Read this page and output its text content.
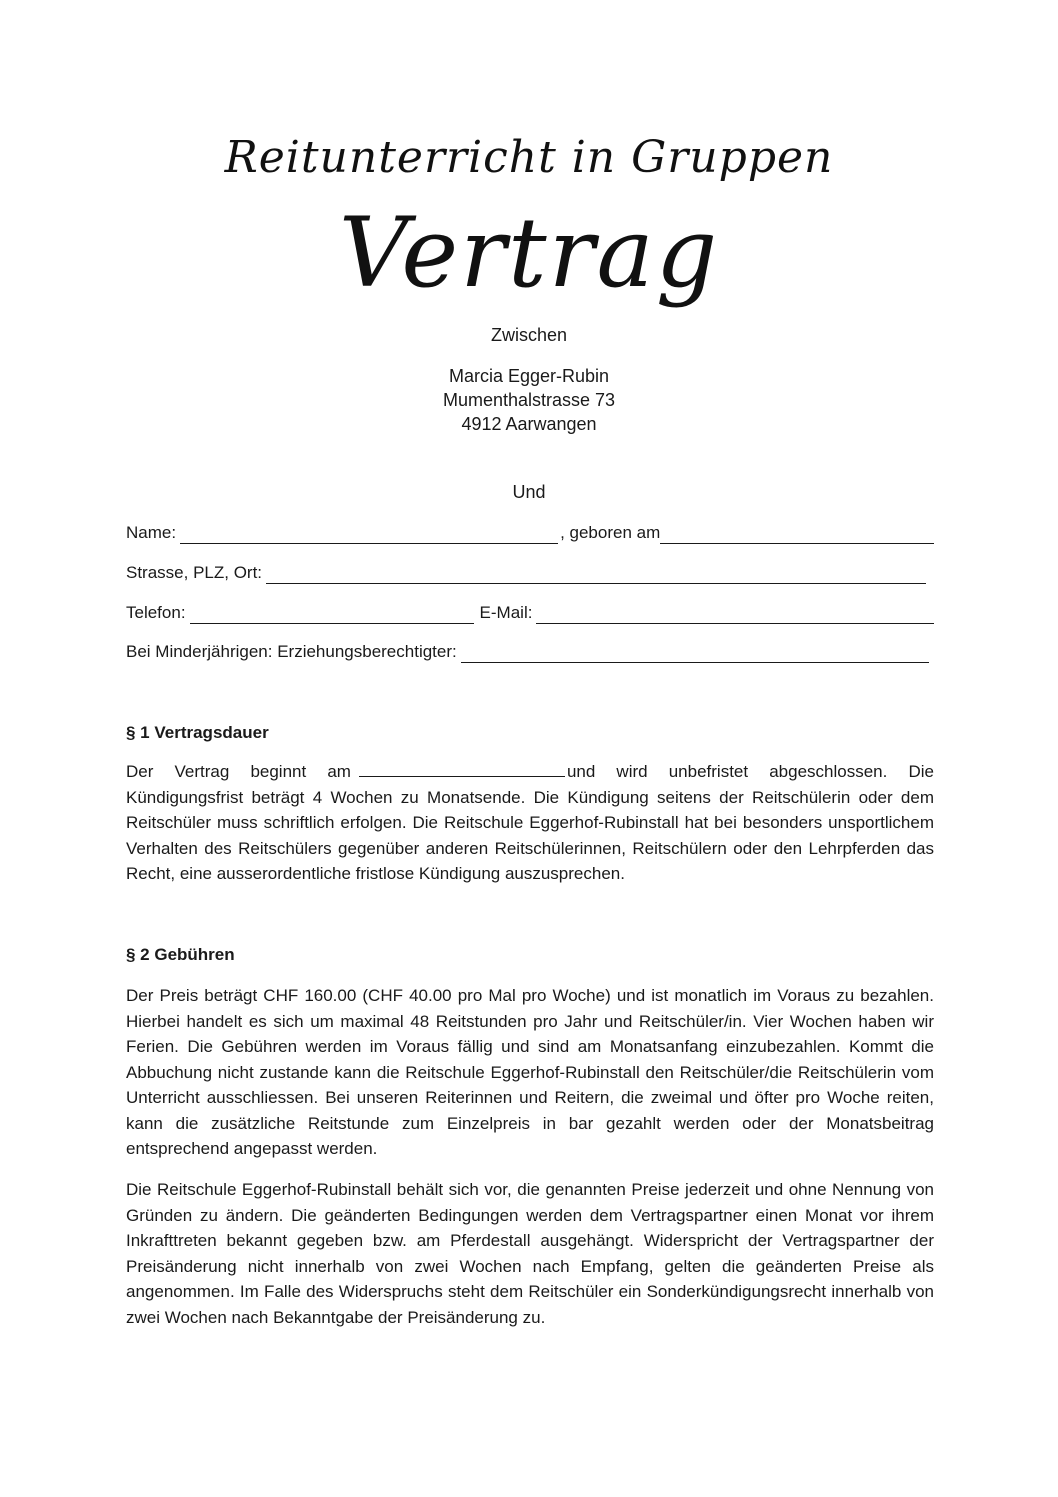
Reitunterricht in Gruppen
Vertrag
Zwischen
Marcia Egger-Rubin
Mumenthalstrasse 73
4912 Aarwangen
Und
Name:	, geboren am
Strasse, PLZ, Ort:
Telefon:	E-Mail:
Bei Minderjährigen: Erziehungsberechtigter:
§ 1 Vertragsdauer
Der Vertrag beginnt am	und wird unbefristet abgeschlossen. Die Kündigungsfrist beträgt 4 Wochen zu Monatsende. Die Kündigung seitens der Reitschülerin oder dem Reitschüler muss schriftlich erfolgen. Die Reitschule Eggerhof-Rubinstall hat bei besonders unsportlichem Verhalten des Reitschülers gegenüber anderen Reitschülerinnen, Reitschülern oder den Lehrpferden das Recht, eine ausserordentliche fristlose Kündigung auszusprechen.
§ 2 Gebühren
Der Preis beträgt CHF 160.00 (CHF 40.00 pro Mal pro Woche) und ist monatlich im Voraus zu bezahlen. Hierbei handelt es sich um maximal 48 Reitstunden pro Jahr und Reitschüler/in. Vier Wochen haben wir Ferien. Die Gebühren werden im Voraus fällig und sind am Monatsanfang einzubezahlen. Kommt die Abbuchung nicht zustande kann die Reitschule Eggerhof-Rubinstall den Reitschüler/die Reitschülerin vom Unterricht ausschliessen. Bei unseren Reiterinnen und Reitern, die zweimal und öfter pro Woche reiten, kann die zusätzliche Reitstunde zum Einzelpreis in bar gezahlt werden oder der Monatsbeitrag entsprechend angepasst werden.
Die Reitschule Eggerhof-Rubinstall behält sich vor, die genannten Preise jederzeit und ohne Nennung von Gründen zu ändern. Die geänderten Bedingungen werden dem Vertragspartner einen Monat vor ihrem Inkrafttreten bekannt gegeben bzw. am Pferdestall ausgehängt. Widerspricht der Vertragspartner der Preisänderung nicht innerhalb von zwei Wochen nach Empfang, gelten die geänderten Preise als angenommen. Im Falle des Widerspruchs steht dem Reitschüler ein Sonderkündigungsrecht innerhalb von zwei Wochen nach Bekanntgabe der Preisänderung zu.
